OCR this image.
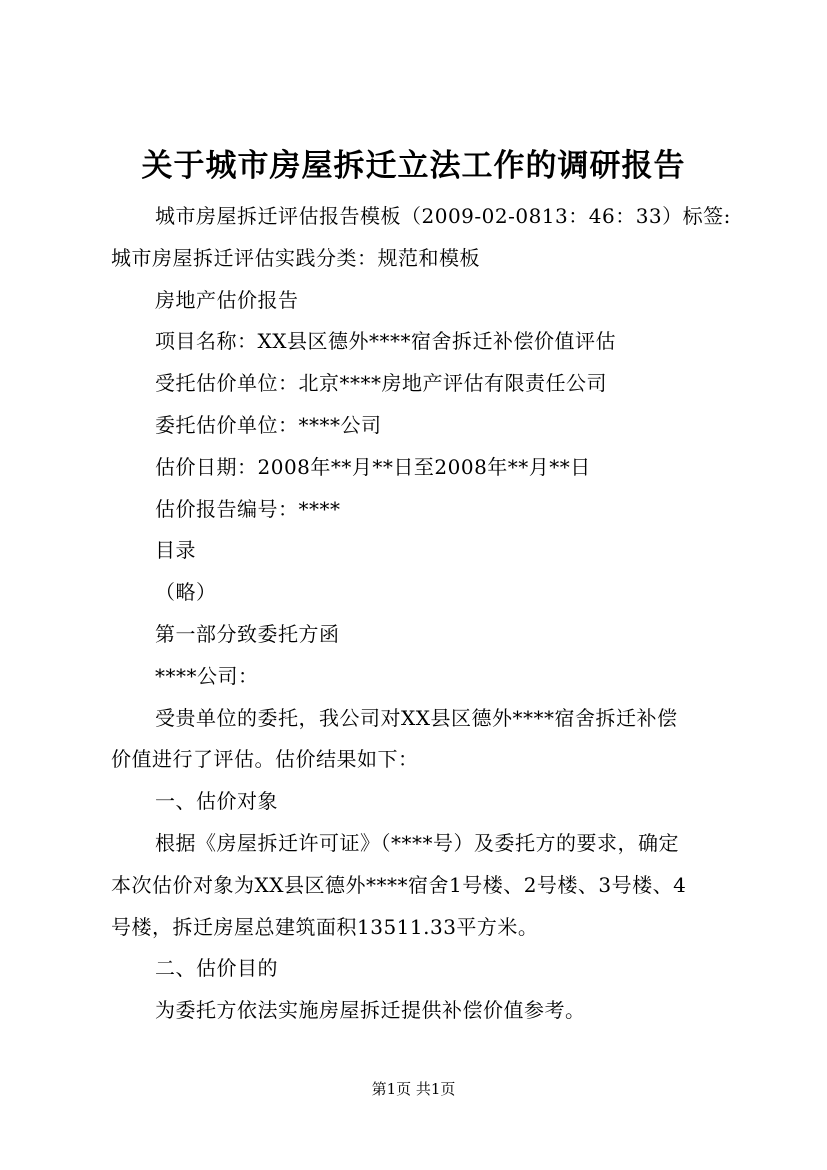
关于城市房屋拆迁立法工作的调研报告

城市房屋拆迁评估报告模板（2009-02-0813：46：33）标签:

城市房屋拆迁评估实践分类：规范和模板

房地产估价报告

项目名称：XX县区德外****宿舍拆迁补偿价值评估

受托估价单位：北京****房地产评估有限责任公司

委托估价单位：****公司

估价日期：2008年**月**日至2008年**月**日

估价报告编号：****

目录

（略）

第一部分致委托方函

****公司：

受贵单位的委托，我公司对XX县区德外****宿舍拆迁补偿

价值进行了评估。估价结果如下：

一、估价对象

根据《房屋拆迁许可证》（****号）及委托方的要求，确定

本次估价对象为XX县区德外****宿舍1号楼、2号楼、3号楼、4

号楼，拆迁房屋总建筑面积13511.33平方米。

二、估价目的

为委托方依法实施房屋拆迁提供补偿价值参考。

第1页 共1页
